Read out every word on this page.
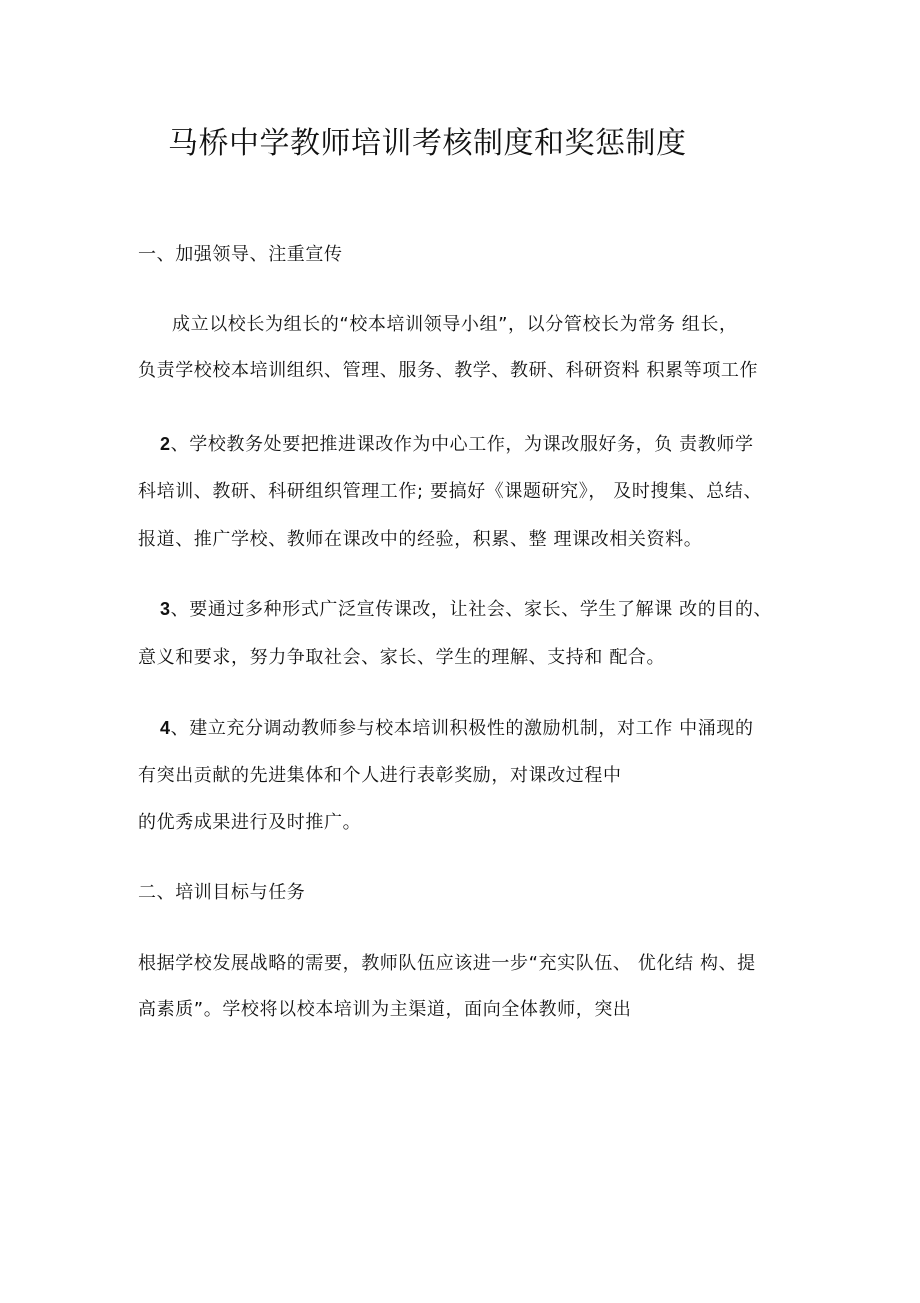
马桥中学教师培训考核制度和奖惩制度
一、加强领导、注重宣传
成立以校长为组长的“校本培训领导小组”，以分管校长为常务 组长，
负责学校校本培训组织、管理、服务、教学、教研、科研资料 积累等项工作
2、学校教务处要把推进课改作为中心工作，为课改服好务，负 责教师学
科培训、教研、科研组织管理工作; 要搞好《课题研究》， 及时搜集、总结、
报道、推广学校、教师在课改中的经验，积累、整 理课改相关资料。
3、要通过多种形式广泛宣传课改，让社会、家长、学生了解课 改的目的、
意义和要求，努力争取社会、家长、学生的理解、支持和 配合。
4、建立充分调动教师参与校本培训积极性的激励机制，对工作 中涌现的
有突出贡献的先进集体和个人进行表彰奖励，对课改过程中
的优秀成果进行及时推广。
二、培训目标与任务
根据学校发展战略的需要，教师队伍应该进一步“充实队伍、 优化结 构、提
高素质”。学校将以校本培训为主渠道，面向全体教师，突出
